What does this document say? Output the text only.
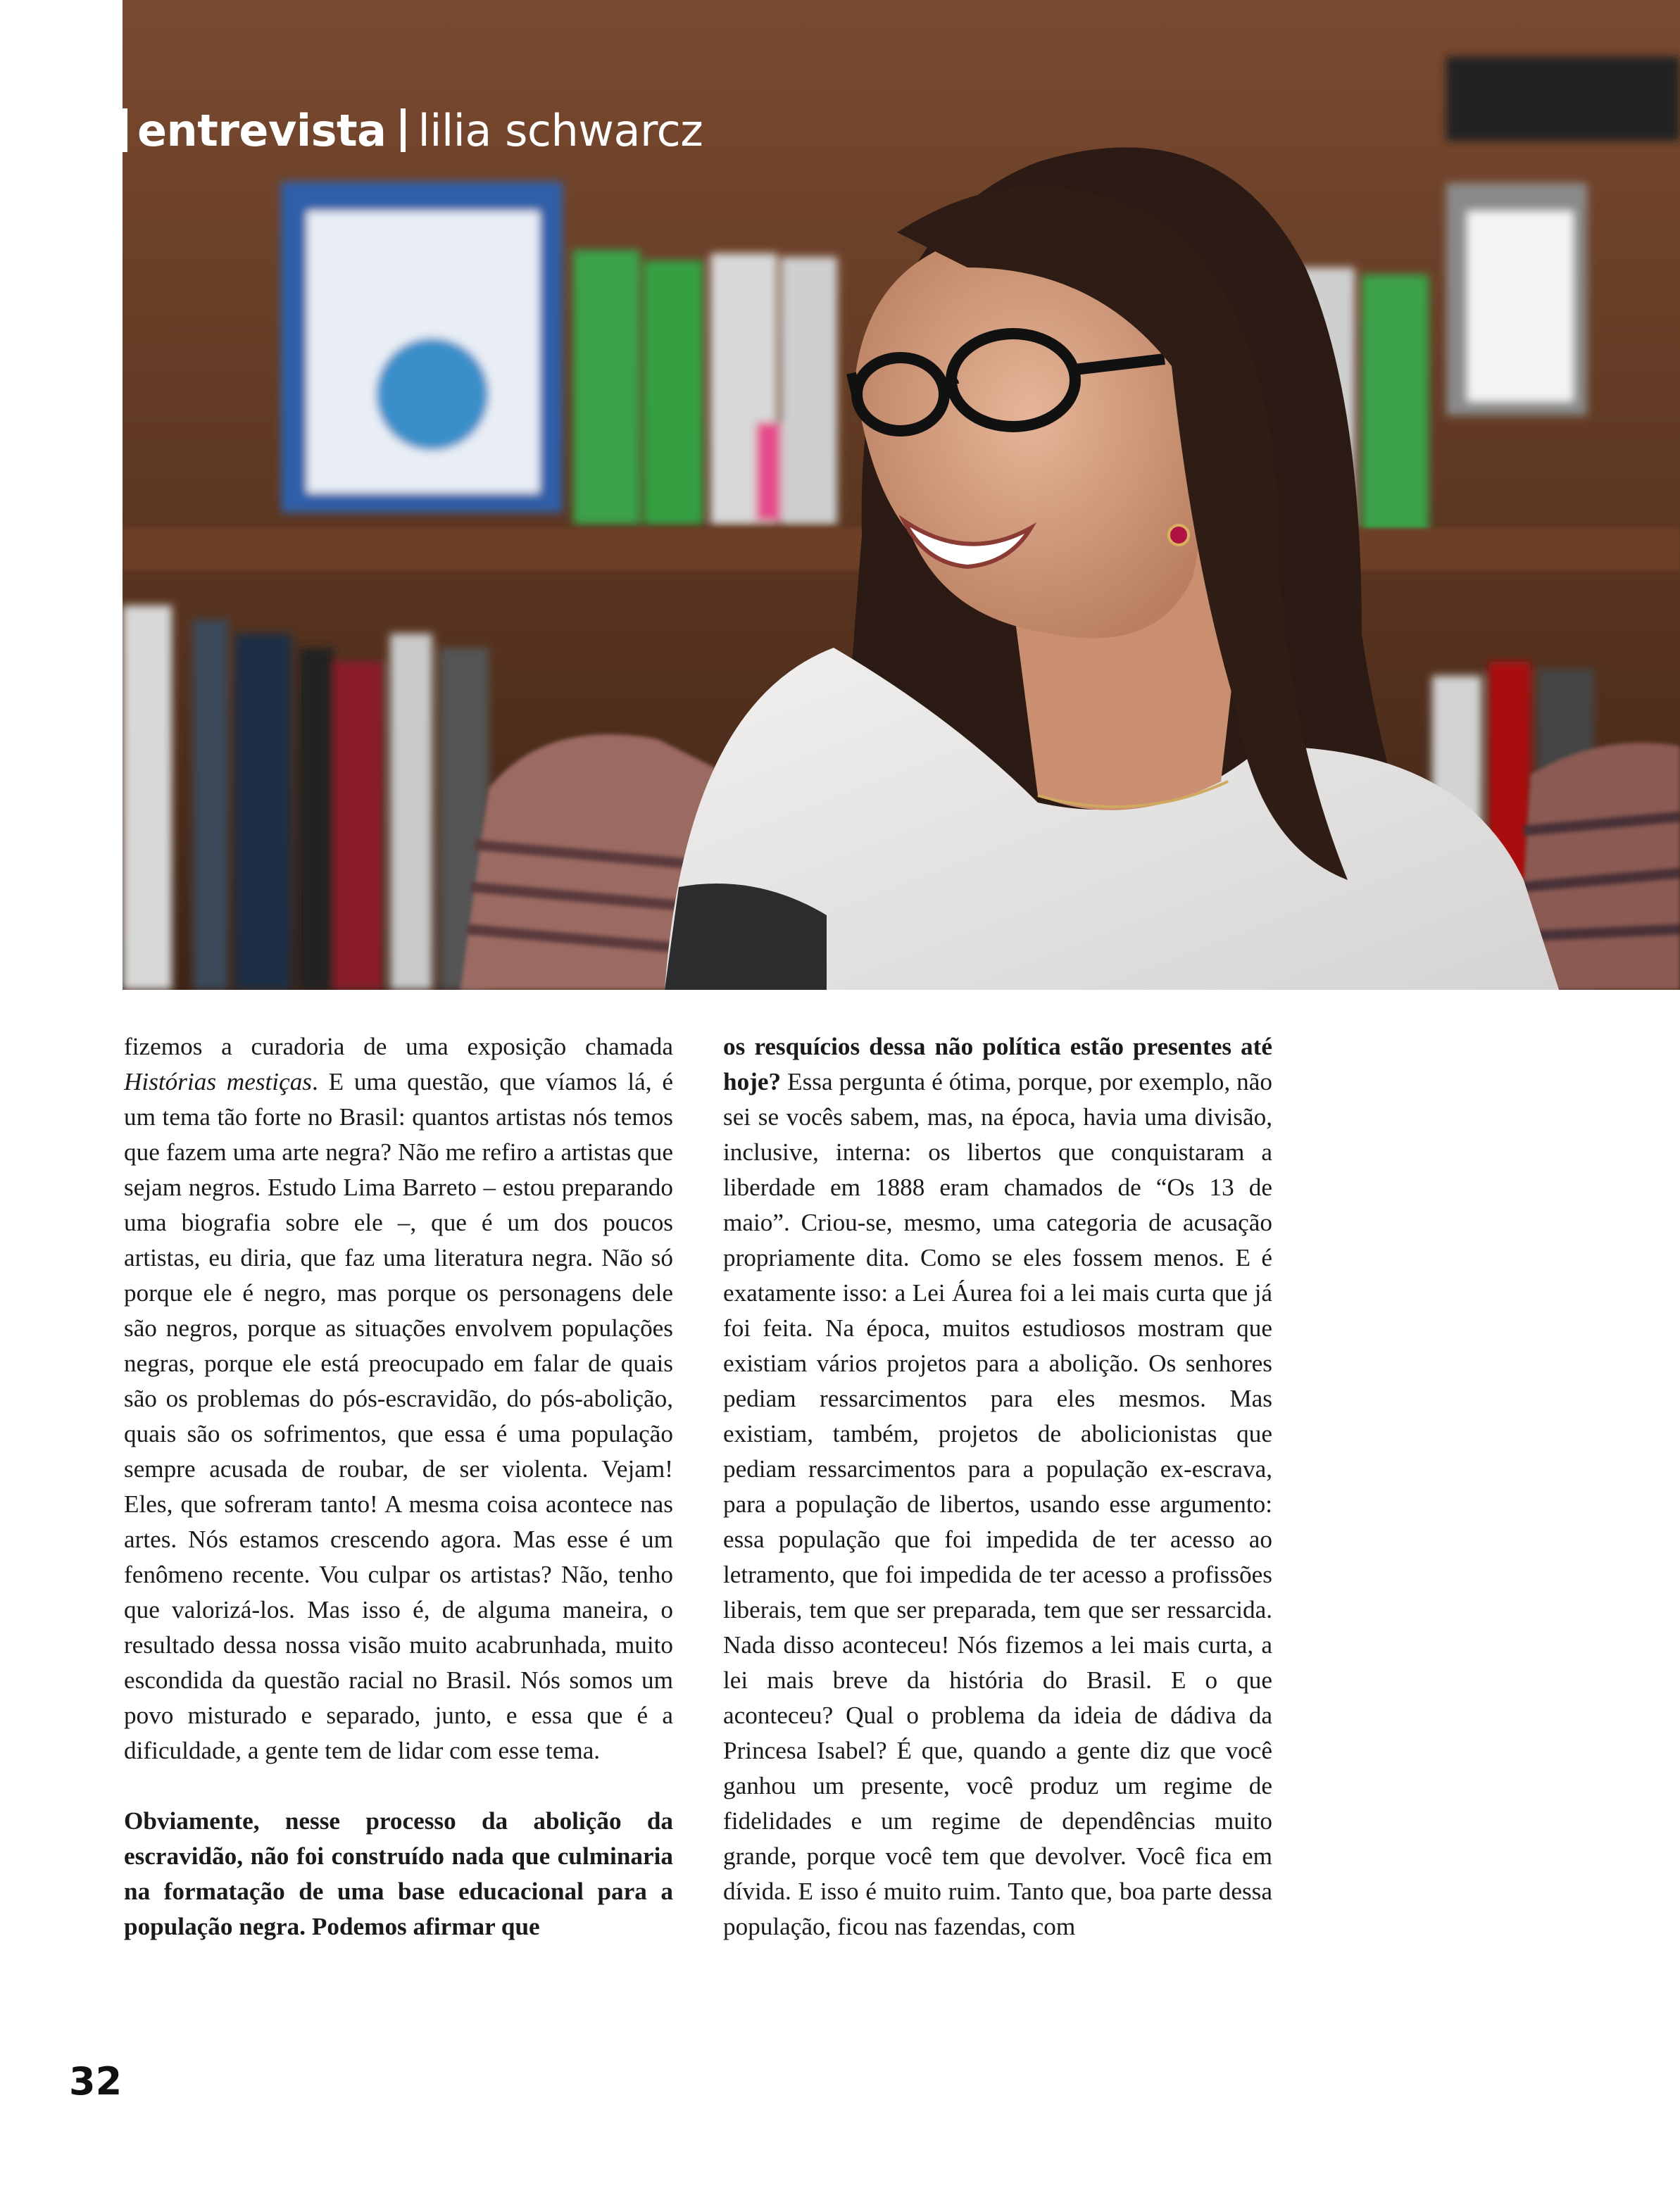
entrevista lilia schwarcz

fizemos a curadoria de uma exposição chamada Histórias mestiças. E uma questão, que víamos lá, é um tema tão forte no Brasil: quantos artistas nós temos que fazem uma arte negra? Não me refiro a artistas que sejam negros. Estudo Lima Barreto – estou preparando uma biografia sobre ele –, que é um dos poucos artistas, eu diria, que faz uma literatura negra. Não só porque ele é negro, mas porque os personagens dele são negros, porque as situações envolvem populações negras, porque ele está preocupado em falar de quais são os problemas do pós-escravidão, do pós-abolição, quais são os sofrimentos, que essa é uma população sempre acusada de roubar, de ser violenta. Vejam! Eles, que sofreram tanto! A mesma coisa acontece nas artes. Nós estamos crescendo agora. Mas esse é um fenômeno recente. Vou culpar os artistas? Não, tenho que valorizá-los. Mas isso é, de alguma maneira, o resultado dessa nossa visão muito acabrunhada, muito escondida da questão racial no Brasil. Nós somos um povo misturado e separado, junto, e essa que é a dificuldade, a gente tem de lidar com esse tema.

Obviamente, nesse processo da abolição da escravidão, não foi construído nada que culminaria na formatação de uma base educacional para a população negra. Podemos afirmar que

os resquícios dessa não política estão presentes até hoje? Essa pergunta é ótima, porque, por exemplo, não sei se vocês sabem, mas, na época, havia uma divisão, inclusive, interna: os libertos que conquistaram a liberdade em 1888 eram chamados de “Os 13 de maio”. Criou-se, mesmo, uma categoria de acusação propriamente dita. Como se eles fossem menos. E é exatamente isso: a Lei Áurea foi a lei mais curta que já foi feita. Na época, muitos estudiosos mostram que existiam vários projetos para a abolição. Os senhores pediam ressarcimentos para eles mesmos. Mas existiam, também, projetos de abolicionistas que pediam ressarcimentos para a população ex-escrava, para a população de libertos, usando esse argumento: essa população que foi impedida de ter acesso ao letramento, que foi impedida de ter acesso a profissões liberais, tem que ser preparada, tem que ser ressarcida. Nada disso aconteceu! Nós fizemos a lei mais curta, a lei mais breve da história do Brasil. E o que aconteceu? Qual o problema da ideia de dádiva da Princesa Isabel? É que, quando a gente diz que você ganhou um presente, você produz um regime de fidelidades e um regime de dependências muito grande, porque você tem que devolver. Você fica em dívida. E isso é muito ruim. Tanto que, boa parte dessa população, ficou nas fazendas, com

32
